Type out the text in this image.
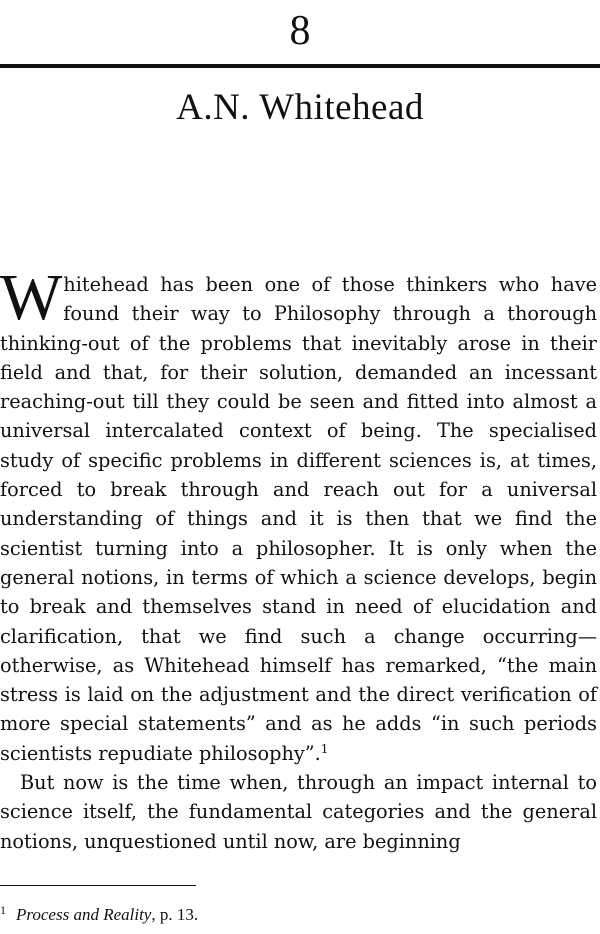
8
A.N. Whitehead

Whitehead has been one of those thinkers who have found their way to Philosophy through a thorough thinking-out of the problems that inevitably arose in their field and that, for their solution, demanded an incessant reaching-out till they could be seen and fitted into almost a universal intercalated context of being. The specialised study of specific problems in different sciences is, at times, forced to break through and reach out for a universal understanding of things and it is then that we find the scientist turning into a philosopher. It is only when the general notions, in terms of which a science develops, begin to break and themselves stand in need of elucidation and clarification, that we find such a change occurring—otherwise, as Whitehead himself has remarked, “the main stress is laid on the adjustment and the direct verification of more special statements” and as he adds “in such periods scientists repudiate philosophy”.$^1$

But now is the time when, through an impact internal to science itself, the fundamental categories and the general notions, unquestioned until now, are beginning

$^1$ Process and Reality, p. 13.
